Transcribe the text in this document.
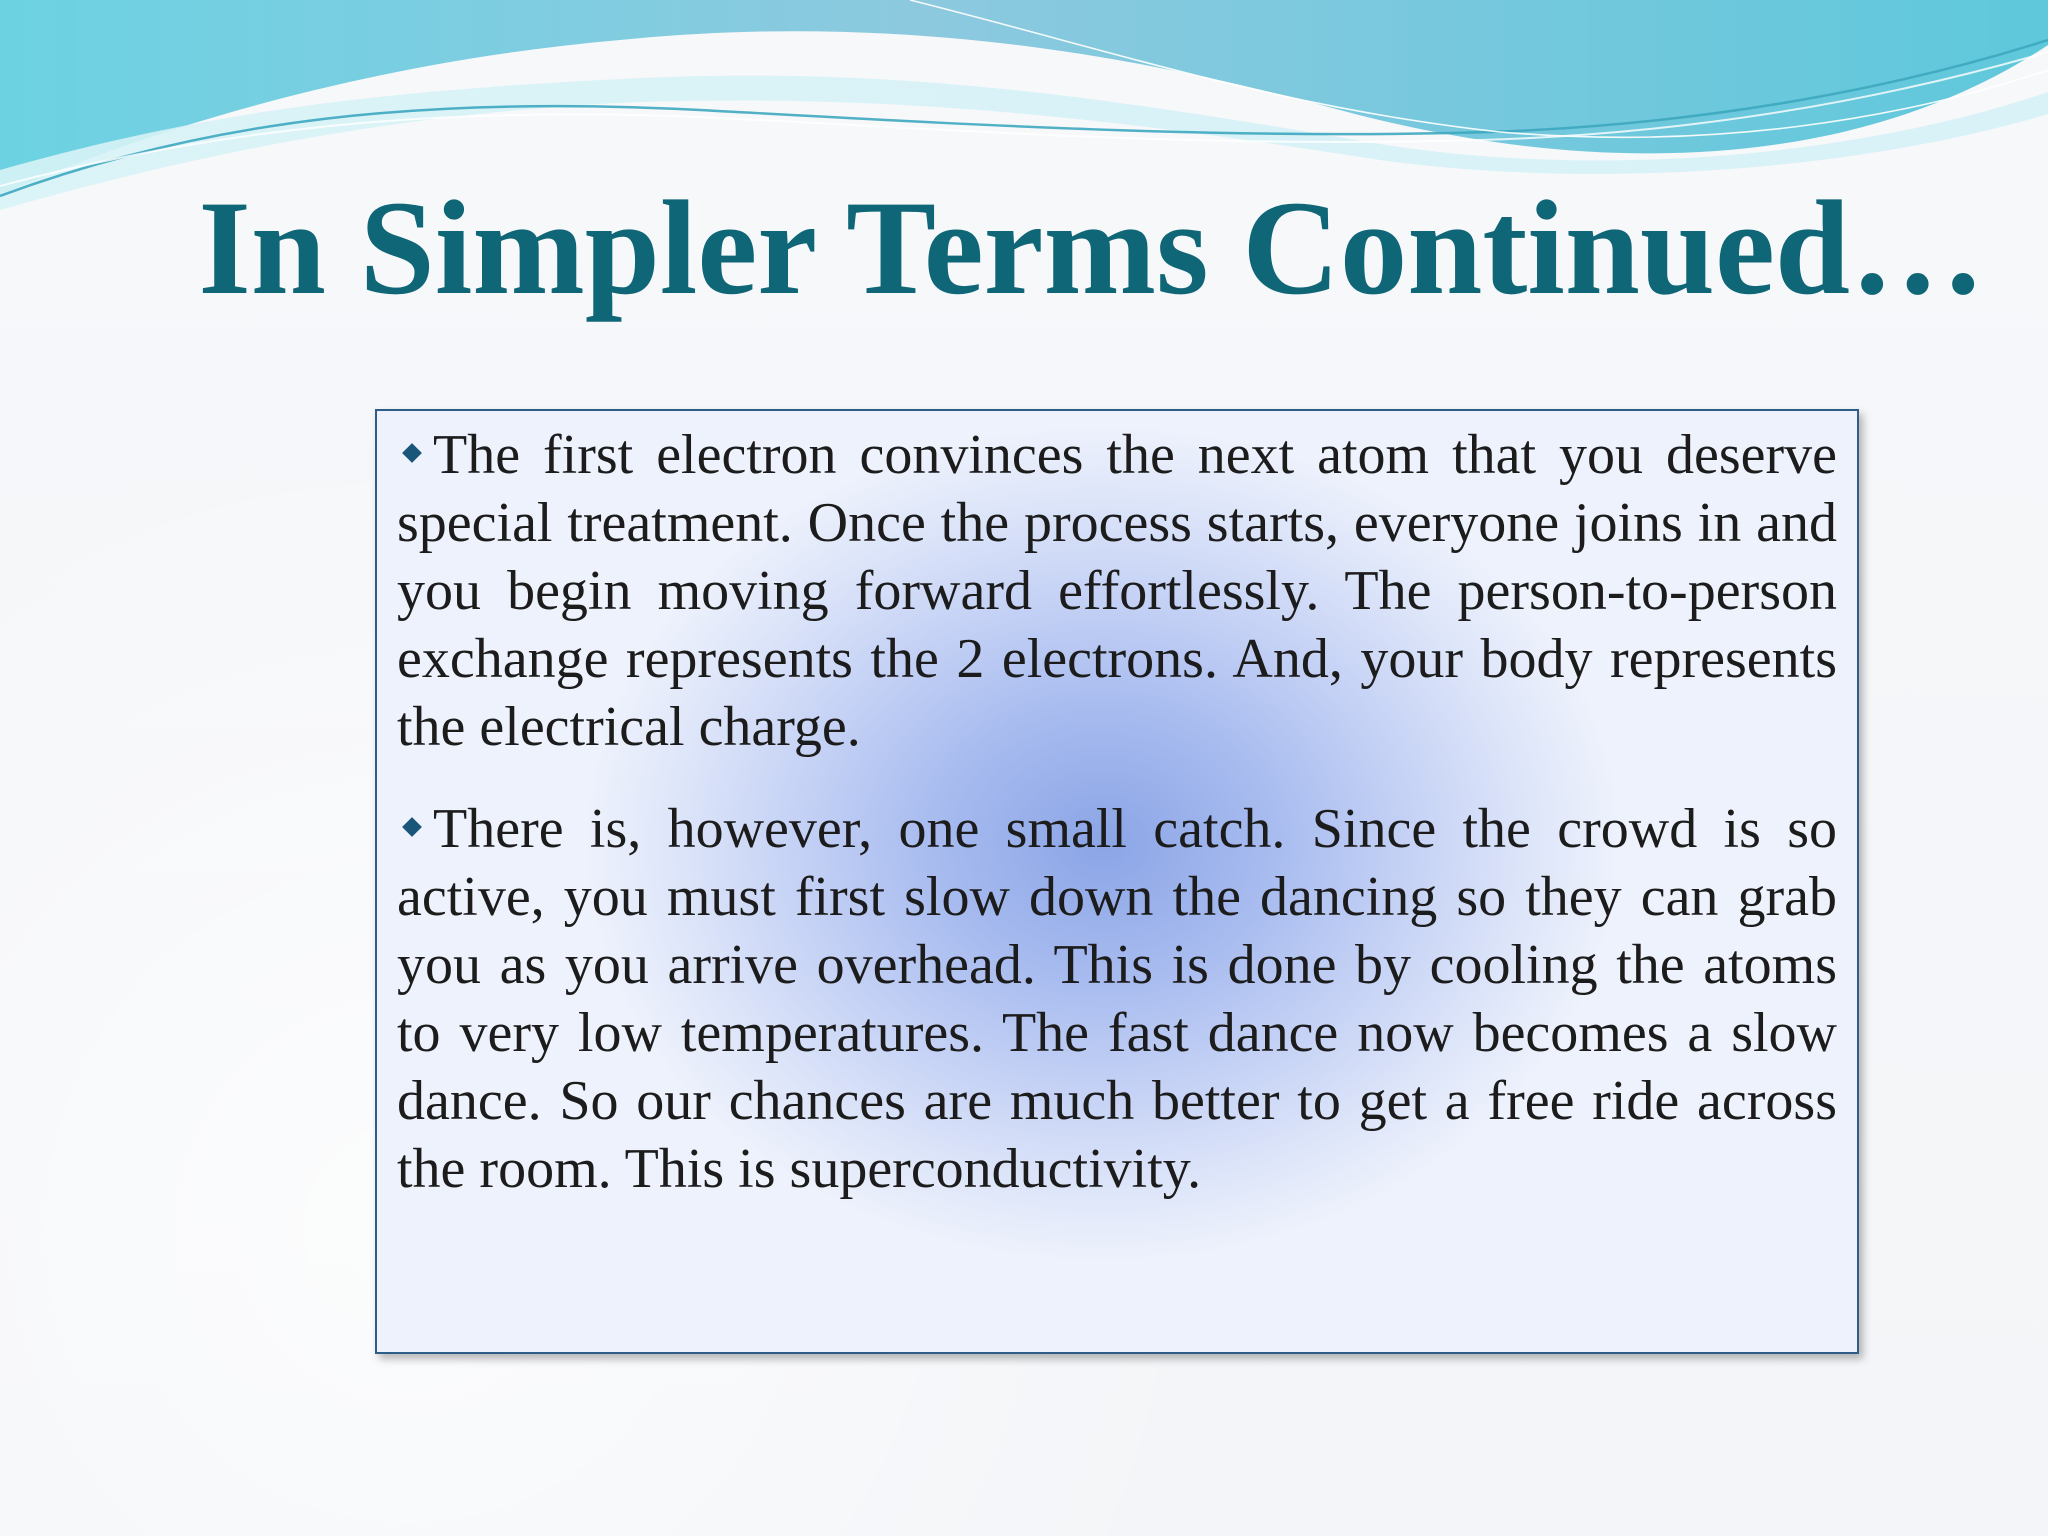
In Simpler Terms Continued…

The first electron convinces the next atom that you deserve special treatment. Once the process starts, everyone joins in and you begin moving forward effortlessly. The person-to-person exchange represents the 2 electrons. And, your body represents the electrical charge.

There is, however, one small catch. Since the crowd is so active, you must first slow down the dancing so they can grab you as you arrive overhead. This is done by cooling the atoms to very low temperatures. The fast dance now becomes a slow dance. So our chances are much better to get a free ride across the room. This is superconductivity.
